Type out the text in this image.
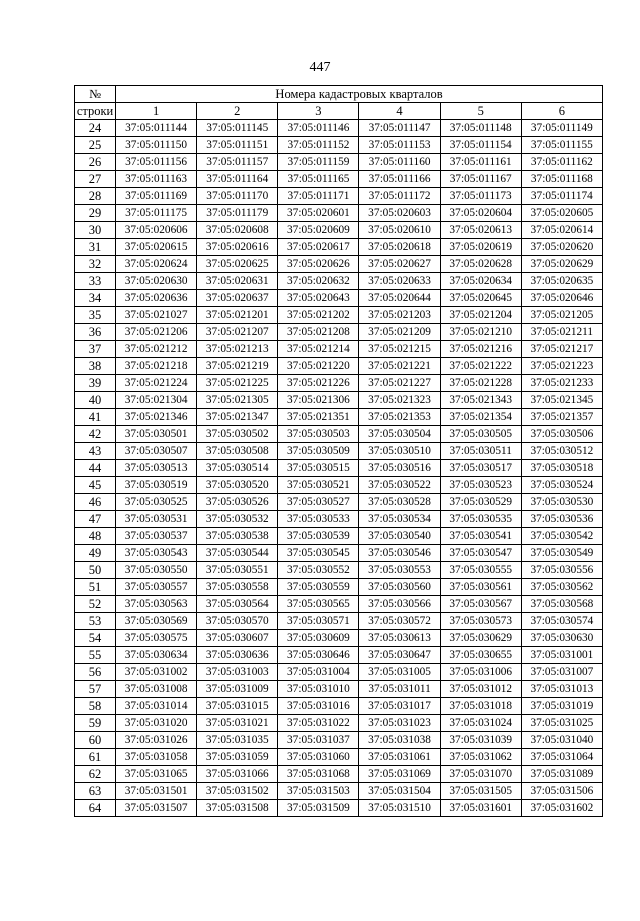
447
№	Номера кадастровых кварталов					
строки	1	2	3	4	5	6
24	37:05:011144	37:05:011145	37:05:011146	37:05:011147	37:05:011148	37:05:011149
25	37:05:011150	37:05:011151	37:05:011152	37:05:011153	37:05:011154	37:05:011155
26	37:05:011156	37:05:011157	37:05:011159	37:05:011160	37:05:011161	37:05:011162
27	37:05:011163	37:05:011164	37:05:011165	37:05:011166	37:05:011167	37:05:011168
28	37:05:011169	37:05:011170	37:05:011171	37:05:011172	37:05:011173	37:05:011174
29	37:05:011175	37:05:011179	37:05:020601	37:05:020603	37:05:020604	37:05:020605
30	37:05:020606	37:05:020608	37:05:020609	37:05:020610	37:05:020613	37:05:020614
31	37:05:020615	37:05:020616	37:05:020617	37:05:020618	37:05:020619	37:05:020620
32	37:05:020624	37:05:020625	37:05:020626	37:05:020627	37:05:020628	37:05:020629
33	37:05:020630	37:05:020631	37:05:020632	37:05:020633	37:05:020634	37:05:020635
34	37:05:020636	37:05:020637	37:05:020643	37:05:020644	37:05:020645	37:05:020646
35	37:05:021027	37:05:021201	37:05:021202	37:05:021203	37:05:021204	37:05:021205
36	37:05:021206	37:05:021207	37:05:021208	37:05:021209	37:05:021210	37:05:021211
37	37:05:021212	37:05:021213	37:05:021214	37:05:021215	37:05:021216	37:05:021217
38	37:05:021218	37:05:021219	37:05:021220	37:05:021221	37:05:021222	37:05:021223
39	37:05:021224	37:05:021225	37:05:021226	37:05:021227	37:05:021228	37:05:021233
40	37:05:021304	37:05:021305	37:05:021306	37:05:021323	37:05:021343	37:05:021345
41	37:05:021346	37:05:021347	37:05:021351	37:05:021353	37:05:021354	37:05:021357
42	37:05:030501	37:05:030502	37:05:030503	37:05:030504	37:05:030505	37:05:030506
43	37:05:030507	37:05:030508	37:05:030509	37:05:030510	37:05:030511	37:05:030512
44	37:05:030513	37:05:030514	37:05:030515	37:05:030516	37:05:030517	37:05:030518
45	37:05:030519	37:05:030520	37:05:030521	37:05:030522	37:05:030523	37:05:030524
46	37:05:030525	37:05:030526	37:05:030527	37:05:030528	37:05:030529	37:05:030530
47	37:05:030531	37:05:030532	37:05:030533	37:05:030534	37:05:030535	37:05:030536
48	37:05:030537	37:05:030538	37:05:030539	37:05:030540	37:05:030541	37:05:030542
49	37:05:030543	37:05:030544	37:05:030545	37:05:030546	37:05:030547	37:05:030549
50	37:05:030550	37:05:030551	37:05:030552	37:05:030553	37:05:030555	37:05:030556
51	37:05:030557	37:05:030558	37:05:030559	37:05:030560	37:05:030561	37:05:030562
52	37:05:030563	37:05:030564	37:05:030565	37:05:030566	37:05:030567	37:05:030568
53	37:05:030569	37:05:030570	37:05:030571	37:05:030572	37:05:030573	37:05:030574
54	37:05:030575	37:05:030607	37:05:030609	37:05:030613	37:05:030629	37:05:030630
55	37:05:030634	37:05:030636	37:05:030646	37:05:030647	37:05:030655	37:05:031001
56	37:05:031002	37:05:031003	37:05:031004	37:05:031005	37:05:031006	37:05:031007
57	37:05:031008	37:05:031009	37:05:031010	37:05:031011	37:05:031012	37:05:031013
58	37:05:031014	37:05:031015	37:05:031016	37:05:031017	37:05:031018	37:05:031019
59	37:05:031020	37:05:031021	37:05:031022	37:05:031023	37:05:031024	37:05:031025
60	37:05:031026	37:05:031035	37:05:031037	37:05:031038	37:05:031039	37:05:031040
61	37:05:031058	37:05:031059	37:05:031060	37:05:031061	37:05:031062	37:05:031064
62	37:05:031065	37:05:031066	37:05:031068	37:05:031069	37:05:031070	37:05:031089
63	37:05:031501	37:05:031502	37:05:031503	37:05:031504	37:05:031505	37:05:031506
64	37:05:031507	37:05:031508	37:05:031509	37:05:031510	37:05:031601	37:05:031602
